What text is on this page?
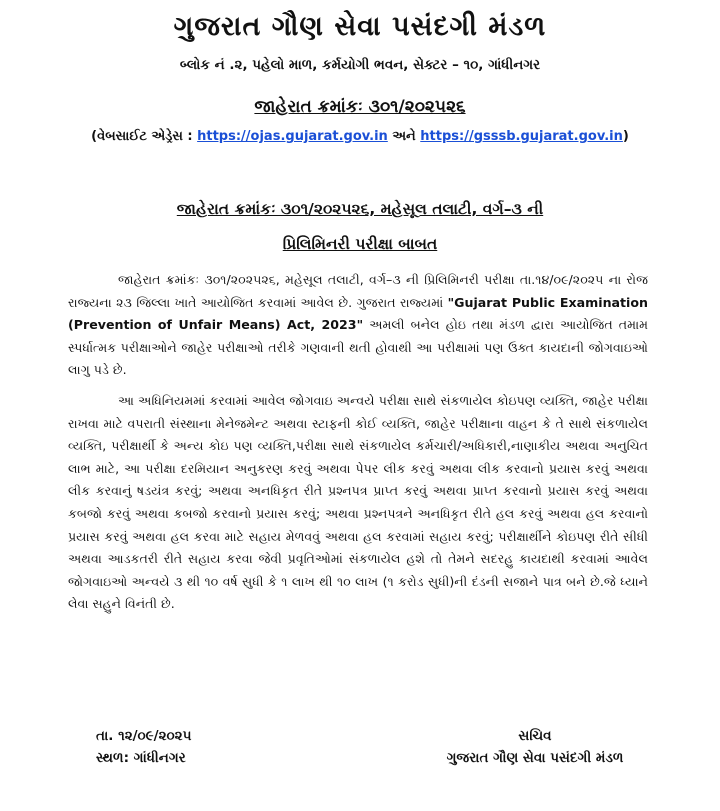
ગુજરાત ગૌણ સેવા પસંદગી મંડળ
બ્લોક નં .૨, પહેલો માળ, કર્મયોગી ભવન, સેક્ટર – ૧૦, ગાંધીનગર
જાહેરાત ક્રમાંકઃ ૩૦૧/૨૦૨૫૨૬
(વેબસાઈટ એડ્રેસ : https://ojas.gujarat.gov.in અને https://gsssb.gujarat.gov.in)
જાહેરાત ક્રમાંકઃ ૩૦૧/૨૦૨૫૨૬, મહેસૂલ તલાટી, વર્ગ–૩ ની
પ્રિલિમિનરી પરીક્ષા બાબત

જાહેરાત ક્રમાંકઃ ૩૦૧/૨૦૨૫૨૬, મહેસૂલ તલાટી, વર્ગ–૩ ની પ્રિલિમિનરી પરીક્ષા તા.૧૪/૦૯/૨૦૨૫ ના રોજ રાજ્યના ૨૩ જિલ્લા ખાતે આયોજિત કરવામાં આવેલ છે. ગુજરાત રાજ્યમાં "Gujarat Public Examination (Prevention of Unfair Means) Act, 2023" અમલી બનેલ હોઇ તથા મંડળ દ્વારા આયોજિત તમામ સ્પર્ધાત્મક પરીક્ષાઓને જાહેર પરીક્ષાઓ તરીકે ગણવાની થતી હોવાથી આ પરીક્ષામાં પણ ઉક્ત કાયદાની જોગવાઇઓ લાગુ પડે છે.

આ અધિનિયમમાં કરવામાં આવેલ જોગવાઇ અન્વયે પરીક્ષા સાથે સંકળાયેલ કોઇપણ વ્યક્તિ, જાહેર પરીક્ષા રાખવા માટે વપરાતી સંસ્થાના મેનેજમેન્ટ અથવા સ્ટાફની કોઈ વ્યક્તિ, જાહેર પરીક્ષાના વાહન કે તે સાથે સંકળાયેલ વ્યક્તિ, પરીક્ષાર્થી કે અન્ય કોઇ પણ વ્યક્તિ,પરીક્ષા સાથે સંકળાયેલ કર્મચારી/અધિકારી,નાણાકીય અથવા અનુચિત લાભ માટે, આ પરીક્ષા દરમિયાન અનુકરણ કરવું અથવા પેપર લીક કરવું અથવા લીક કરવાનો પ્રયાસ કરવું અથવા લીક કરવાનું ષડયંત્ર કરવું; અથવા અનધિકૃત રીતે પ્રશ્નપત્ર પ્રાપ્ત કરવું અથવા પ્રાપ્ત કરવાનો પ્રયાસ કરવું અથવા કબજો કરવું અથવા કબજો કરવાનો પ્રયાસ કરવું; અથવા પ્રશ્નપત્રને અનધિકૃત રીતે હલ કરવું અથવા હલ કરવાનો પ્રયાસ કરવું અથવા હલ કરવા માટે સહાય મેળવવું અથવા હલ કરવામાં સહાય કરવું; પરીક્ષાર્થીને કોઇપણ રીતે સીધી અથવા આડકતરી રીતે સહાય કરવા જેવી પ્રવૃતિઓમાં સંકળાયેલ હશે તો તેમને સદરહુ કાયદાથી કરવામાં આવેલ જોગવાઇઓ અન્વયે ૩ થી ૧૦ વર્ષ સુધી કે ૧ લાખ થી ૧૦ લાખ (૧ કરોડ સુધી)ની દંડની સજાને પાત્ર બને છે.જે ધ્યાને લેવા સહુને વિનંતી છે.

તા. ૧૨/૦૯/૨૦૨૫
સ્થળ: ગાંધીનગર
સચિવ
ગુજરાત ગૌણ સેવા પસંદગી મંડળ
